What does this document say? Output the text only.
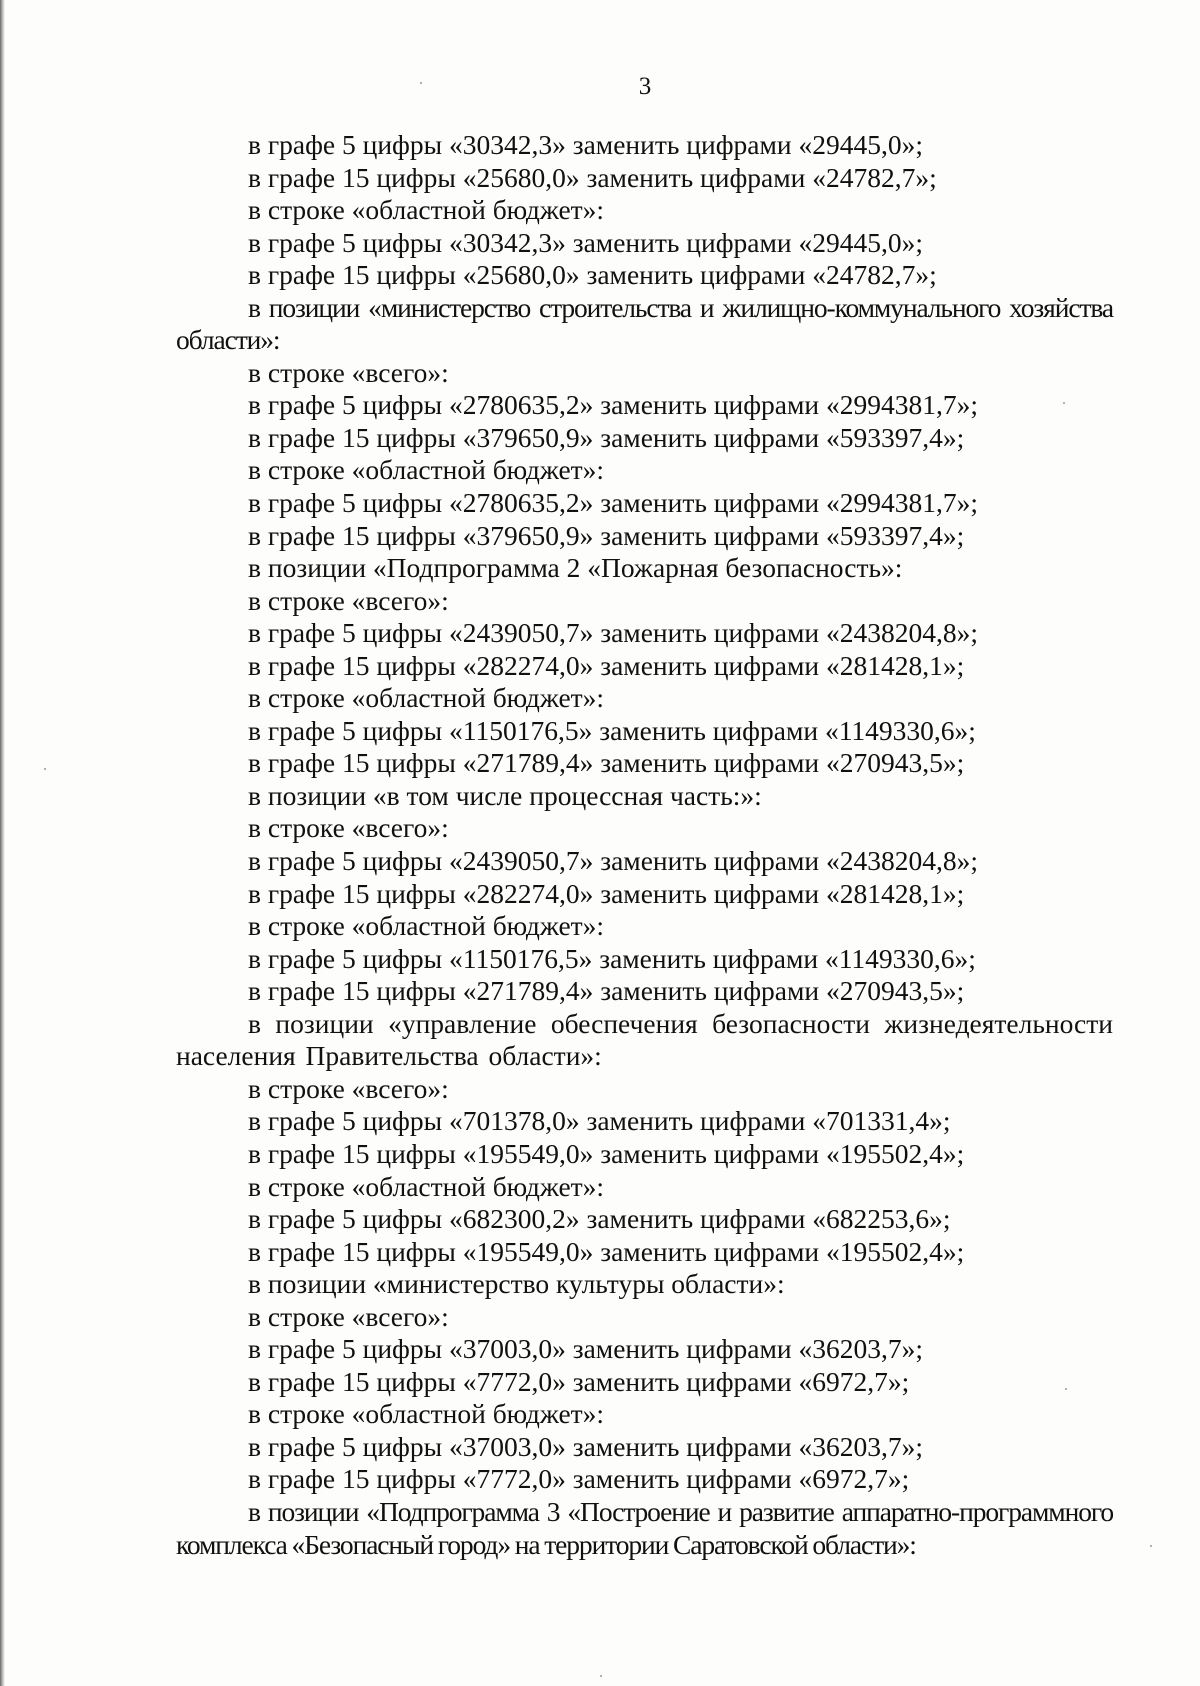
3
в графе 5 цифры «30342,3» заменить цифрами «29445,0»;
в графе 15 цифры «25680,0» заменить цифрами «24782,7»;
в строке «областной бюджет»:
в графе 5 цифры «30342,3» заменить цифрами «29445,0»;
в графе 15 цифры «25680,0» заменить цифрами «24782,7»;
в позиции «министерство строительства и жилищно-коммунального хозяйства области»:
в строке «всего»:
в графе 5 цифры «2780635,2» заменить цифрами «2994381,7»;
в графе 15 цифры «379650,9» заменить цифрами «593397,4»;
в строке «областной бюджет»:
в графе 5 цифры «2780635,2» заменить цифрами «2994381,7»;
в графе 15 цифры «379650,9» заменить цифрами «593397,4»;
в позиции «Подпрограмма 2 «Пожарная безопасность»:
в строке «всего»:
в графе 5 цифры «2439050,7» заменить цифрами «2438204,8»;
в графе 15 цифры «282274,0» заменить цифрами «281428,1»;
в строке «областной бюджет»:
в графе 5 цифры «1150176,5» заменить цифрами «1149330,6»;
в графе 15 цифры «271789,4» заменить цифрами «270943,5»;
в позиции «в том числе процессная часть:»:
в строке «всего»:
в графе 5 цифры «2439050,7» заменить цифрами «2438204,8»;
в графе 15 цифры «282274,0» заменить цифрами «281428,1»;
в строке «областной бюджет»:
в графе 5 цифры «1150176,5» заменить цифрами «1149330,6»;
в графе 15 цифры «271789,4» заменить цифрами «270943,5»;
в позиции «управление обеспечения безопасности жизнедеятельности населения Правительства области»:
в строке «всего»:
в графе 5 цифры «701378,0» заменить цифрами «701331,4»;
в графе 15 цифры «195549,0» заменить цифрами «195502,4»;
в строке «областной бюджет»:
в графе 5 цифры «682300,2» заменить цифрами «682253,6»;
в графе 15 цифры «195549,0» заменить цифрами «195502,4»;
в позиции «министерство культуры области»:
в строке «всего»:
в графе 5 цифры «37003,0» заменить цифрами «36203,7»;
в графе 15 цифры «7772,0» заменить цифрами «6972,7»;
в строке «областной бюджет»:
в графе 5 цифры «37003,0» заменить цифрами «36203,7»;
в графе 15 цифры «7772,0» заменить цифрами «6972,7»;
в позиции «Подпрограмма 3 «Построение и развитие аппаратно-программного комплекса «Безопасный город» на территории Саратовской области»:
